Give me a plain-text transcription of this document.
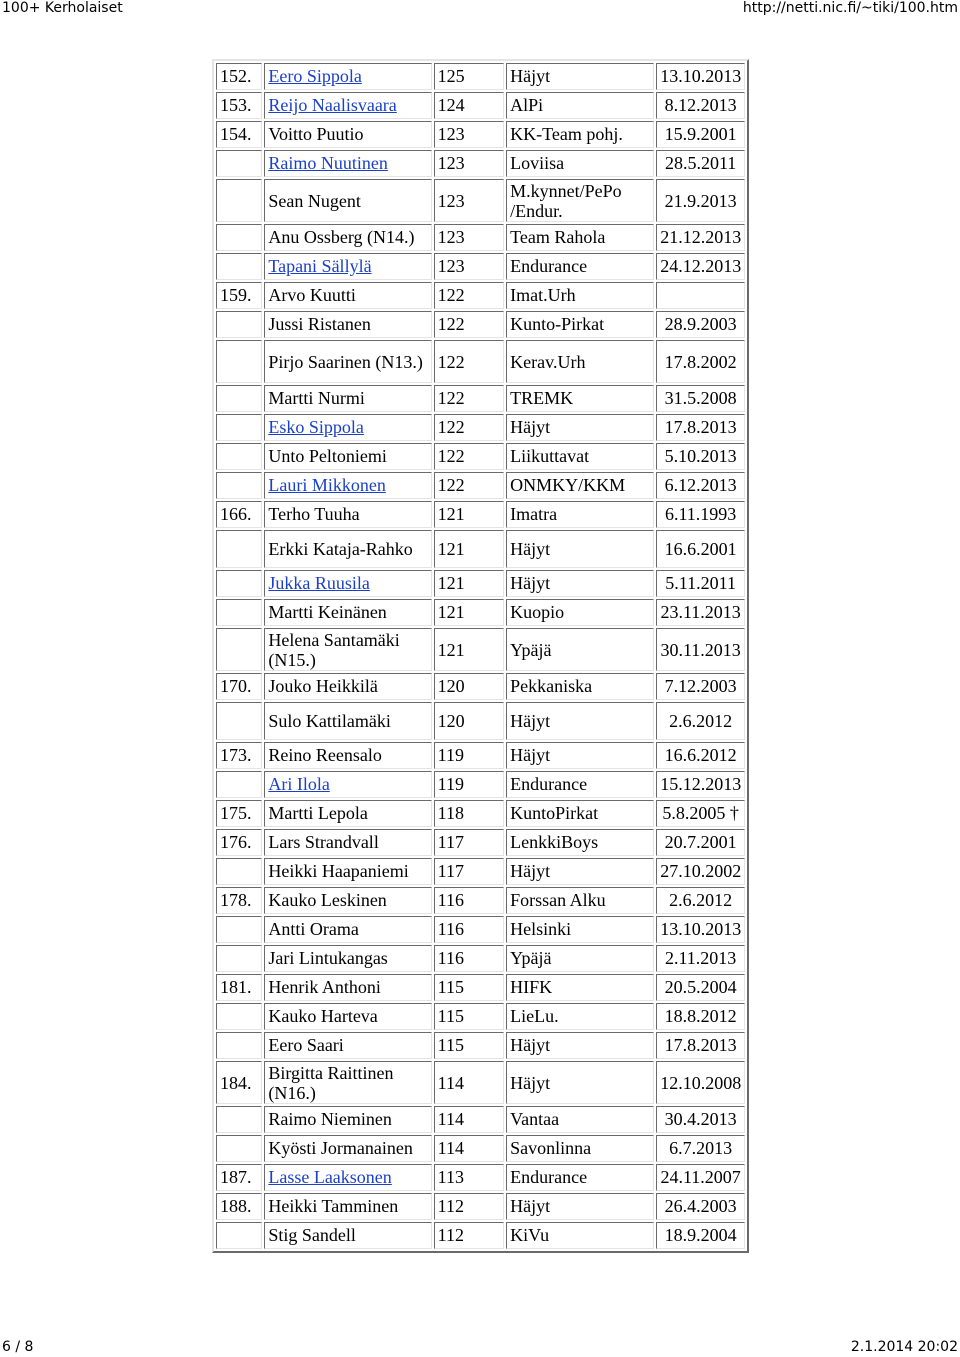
100+ Kerholaiset	http://netti.nic.fi/~tiki/100.htm
152.	Eero Sippola	125	Häjyt	13.10.2013
153.	Reijo Naalisvaara	124	AlPi	8.12.2013
154.	Voitto Puutio	123	KK-Team pohj.	15.9.2001
	Raimo Nuutinen	123	Loviisa	28.5.2011
	Sean Nugent	123	M.kynnet/PePo /Endur.	21.9.2013
	Anu Ossberg (N14.)	123	Team Rahola	21.12.2013
	Tapani Sällylä	123	Endurance	24.12.2013
159.	Arvo Kuutti	122	Imat.Urh	
	Jussi Ristanen	122	Kunto-Pirkat	28.9.2003
	Pirjo Saarinen (N13.)	122	Kerav.Urh	17.8.2002
	Martti Nurmi	122	TREMK	31.5.2008
	Esko Sippola	122	Häjyt	17.8.2013
	Unto Peltoniemi	122	Liikuttavat	5.10.2013
	Lauri Mikkonen	122	ONMKY/KKM	6.12.2013
166.	Terho Tuuha	121	Imatra	6.11.1993
	Erkki Kataja-Rahko	121	Häjyt	16.6.2001
	Jukka Ruusila	121	Häjyt	5.11.2011
	Martti Keinänen	121	Kuopio	23.11.2013
	Helena Santamäki (N15.)	121	Ypäjä	30.11.2013
170.	Jouko Heikkilä	120	Pekkaniska	7.12.2003
	Sulo Kattilamäki	120	Häjyt	2.6.2012
173.	Reino Reensalo	119	Häjyt	16.6.2012
	Ari Ilola	119	Endurance	15.12.2013
175.	Martti Lepola	118	KuntoPirkat	5.8.2005 †
176.	Lars Strandvall	117	LenkkiBoys	20.7.2001
	Heikki Haapaniemi	117	Häjyt	27.10.2002
178.	Kauko Leskinen	116	Forssan Alku	2.6.2012
	Antti Orama	116	Helsinki	13.10.2013
	Jari Lintukangas	116	Ypäjä	2.11.2013
181.	Henrik Anthoni	115	HIFK	20.5.2004
	Kauko Harteva	115	LieLu.	18.8.2012
	Eero Saari	115	Häjyt	17.8.2013
184.	Birgitta Raittinen (N16.)	114	Häjyt	12.10.2008
	Raimo Nieminen	114	Vantaa	30.4.2013
	Kyösti Jormanainen	114	Savonlinna	6.7.2013
187.	Lasse Laaksonen	113	Endurance	24.11.2007
188.	Heikki Tamminen	112	Häjyt	26.4.2003
	Stig Sandell	112	KiVu	18.9.2004
6 / 8	2.1.2014 20:02
